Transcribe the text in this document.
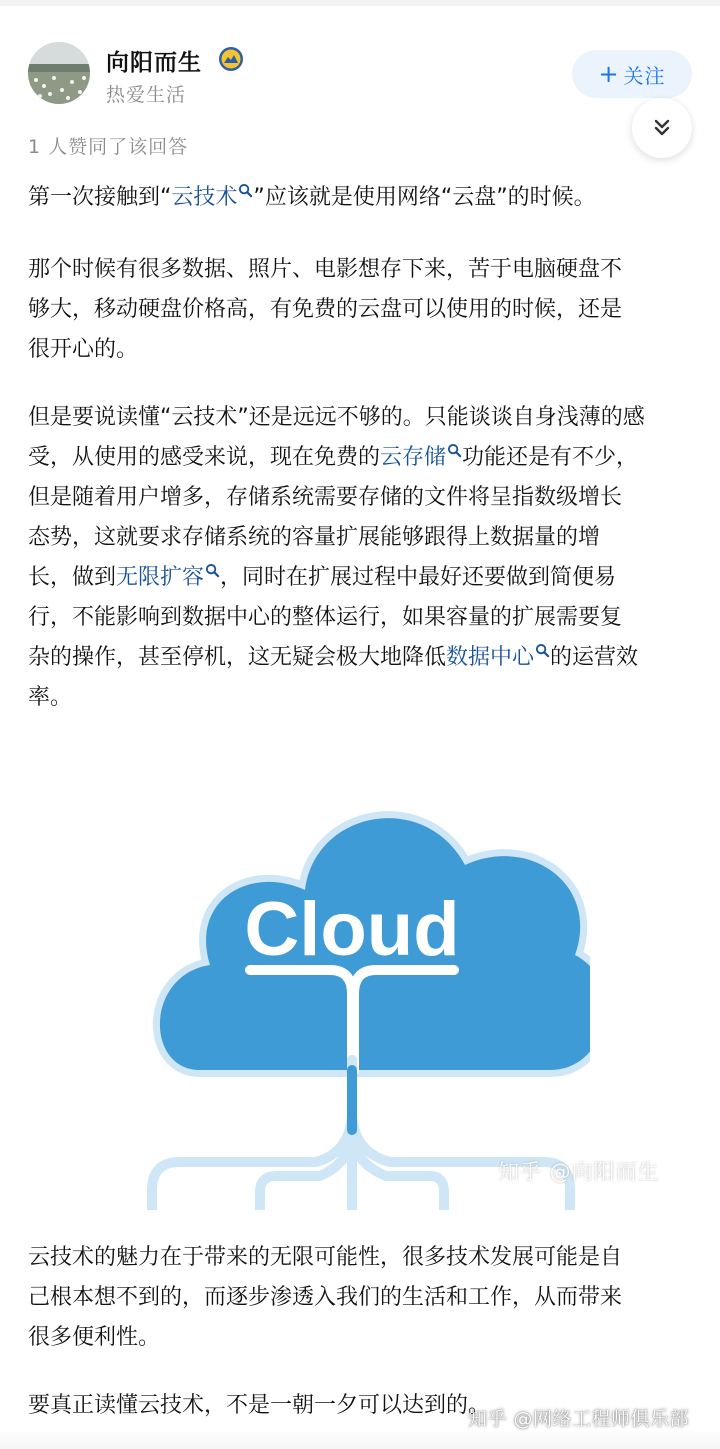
向阳而生
热爱生活
+ 关注
1 人赞同了该回答
第一次接触到“云技术 ”应该就是使用网络“云盘”的时候。
那个时候有很多数据、照片、电影想存下来，苦于电脑硬盘不
够大，移动硬盘价格高，有免费的云盘可以使用的时候，还是
很开心的。
但是要说读懂“云技术”还是远远不够的。只能谈谈自身浅薄的感
受，从使用的感受来说，现在免费的云存储 功能还是有不少，
但是随着用户增多，存储系统需要存储的文件将呈指数级增长
态势，这就要求存储系统的容量扩展能够跟得上数据量的增
长，做到无限扩容 ，同时在扩展过程中最好还要做到简便易
行，不能影响到数据中心的整体运行，如果容量的扩展需要复
杂的操作，甚至停机，这无疑会极大地降低数据中心 的运营效
率。
Cloud
知乎 @向阳而生
云技术的魅力在于带来的无限可能性，很多技术发展可能是自
己根本想不到的，而逐步渗透入我们的生活和工作，从而带来
很多便利性。
要真正读懂云技术，不是一朝一夕可以达到的。
知乎 @网络工程师俱乐部
